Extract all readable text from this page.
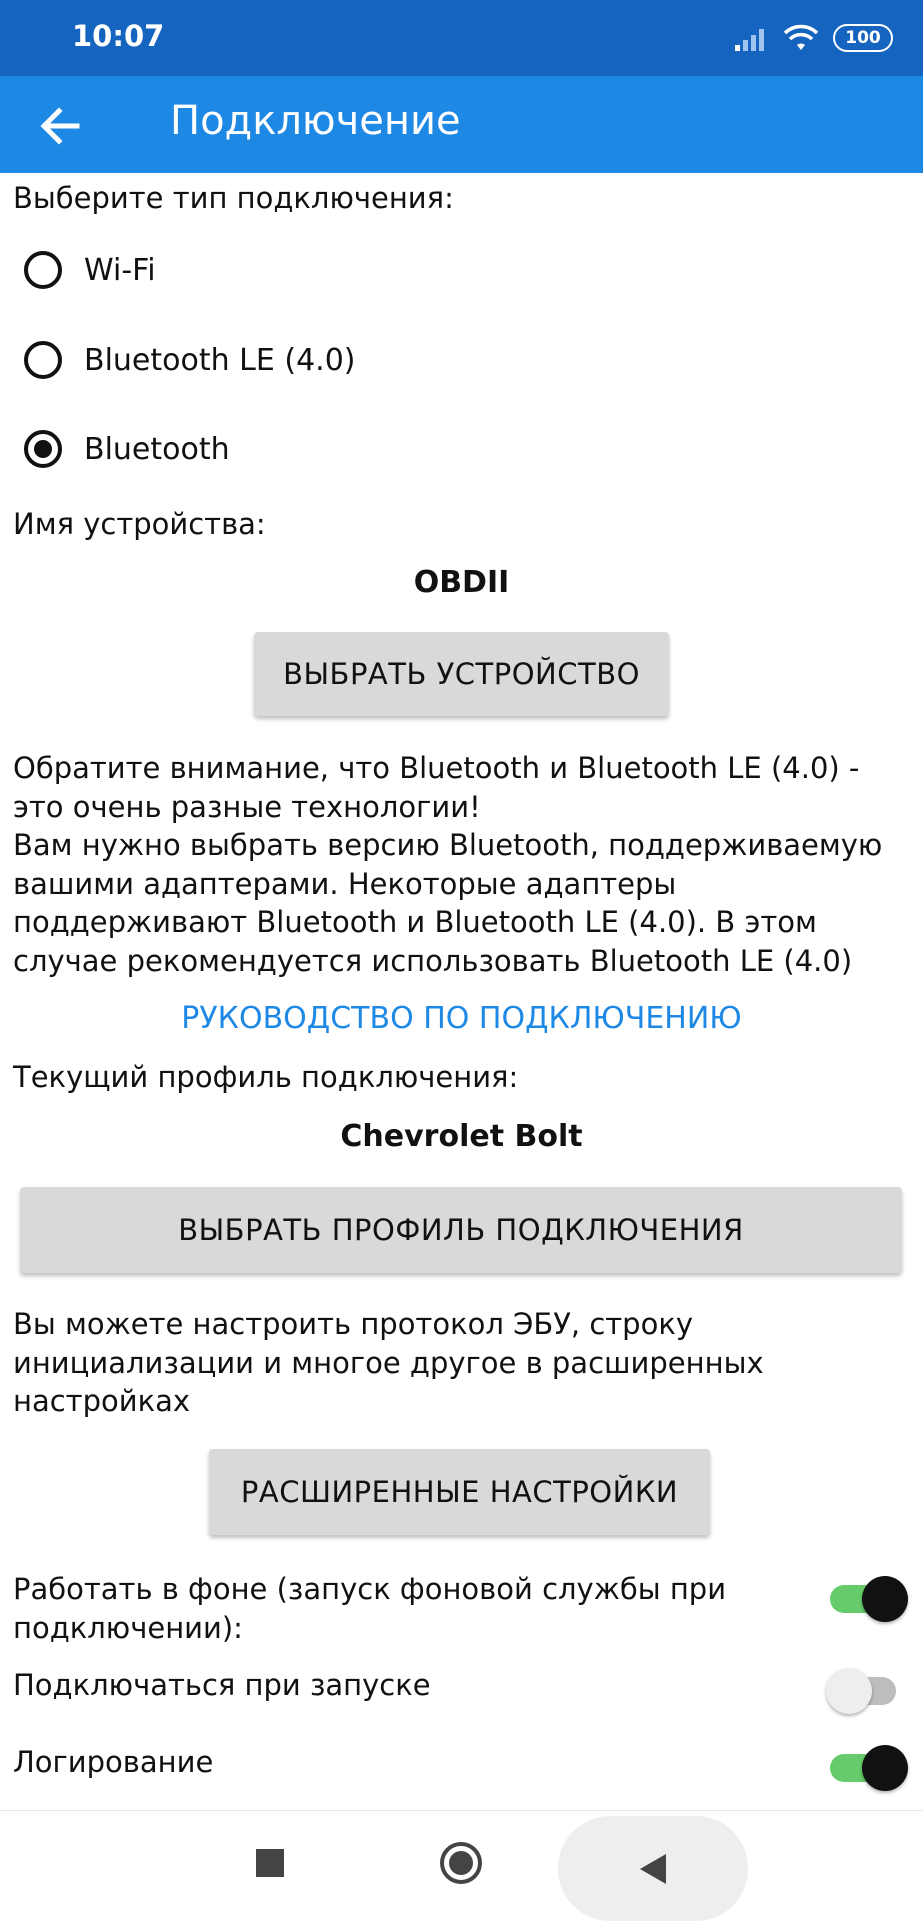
10:07	100
Подключение
Выберите тип подключения:
Wi-Fi
Bluetooth LE (4.0)
Bluetooth
Имя устройства:
OBDII
ВЫБРАТЬ УСТРОЙСТВО
Обратите внимание, что Bluetooth и Bluetooth LE (4.0) - это очень разные технологии!
Вам нужно выбрать версию Bluetooth, поддерживаемую вашими адаптерами. Некоторые адаптеры поддерживают Bluetooth и Bluetooth LE (4.0). В этом случае рекомендуется использовать Bluetooth LE (4.0)
РУКОВОДСТВО ПО ПОДКЛЮЧЕНИЮ
Текущий профиль подключения:
Chevrolet Bolt
ВЫБРАТЬ ПРОФИЛЬ ПОДКЛЮЧЕНИЯ
Вы можете настроить протокол ЭБУ, строку инициализации и многое другое в расширенных настройках
РАСШИРЕННЫЕ НАСТРОЙКИ
Работать в фоне (запуск фоновой службы при подключении):
Подключаться при запуске
Логирование
